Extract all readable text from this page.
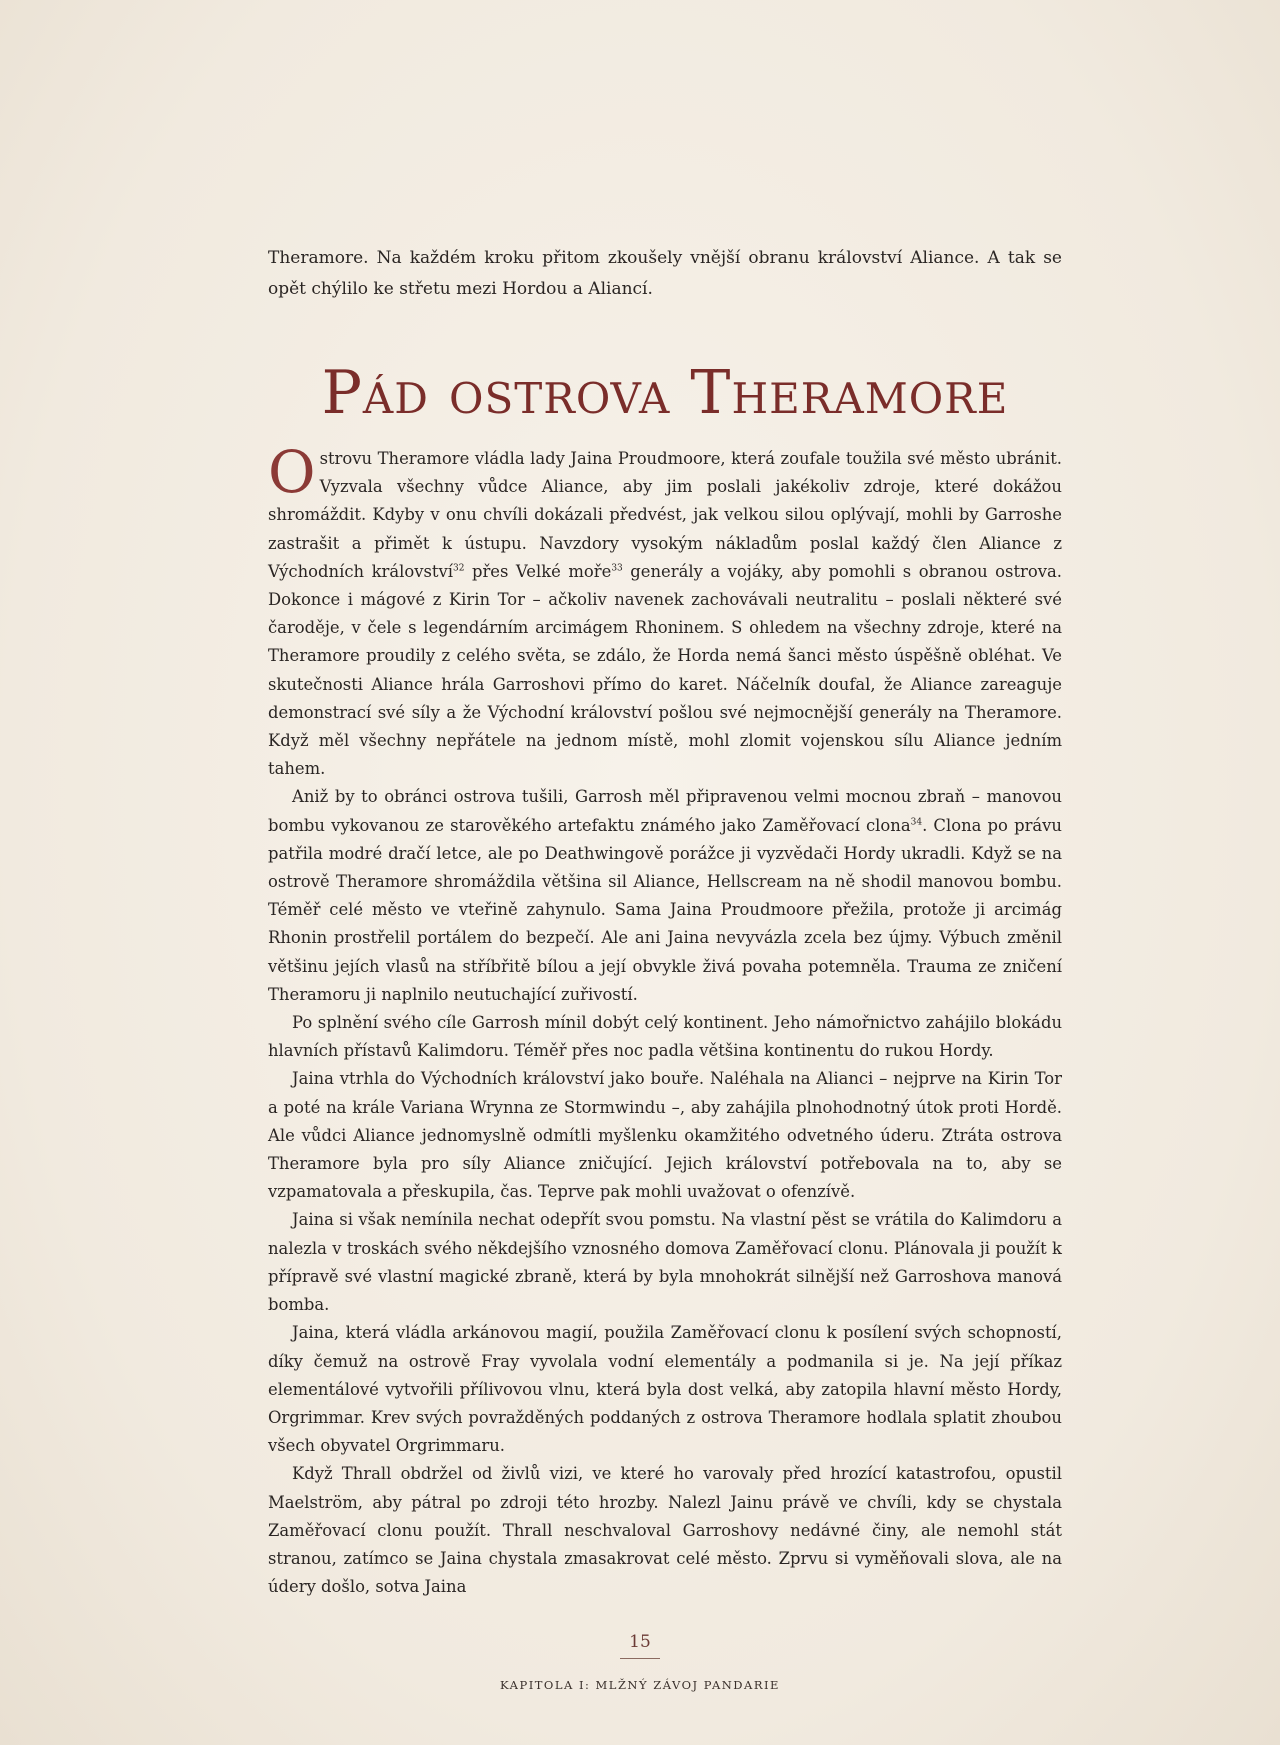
Theramore. Na každém kroku přitom zkoušely vnější obranu království Aliance. A tak se opět chýlilo ke střetu mezi Hordou a Aliancí.

Pád ostrova Theramore

Ostrovu Theramore vládla lady Jaina Proudmoore, která zoufale toužila své město ubránit. Vyzvala všechny vůdce Aliance, aby jim poslali jakékoliv zdroje, které dokážou shromáždit. Kdyby v onu chvíli dokázali předvést, jak velkou silou oplývají, mohli by Garroshe zastrašit a přimět k ústupu. Navzdory vysokým nákladům poslal každý člen Aliance z Východních království$^{32}$ přes Velké moře$^{33}$ generály a vojáky, aby pomohli s obranou ostrova. Dokonce i mágové z Kirin Tor – ačkoliv navenek zachovávali neutralitu – poslali některé své čaroděje, v čele s legendárním arcimágem Rhoninem. S ohledem na všechny zdroje, které na Theramore proudily z celého světa, se zdálo, že Horda nemá šanci město úspěšně obléhat. Ve skutečnosti Aliance hrála Garroshovi přímo do karet. Náčelník doufal, že Aliance zareaguje demonstrací své síly a že Východní království pošlou své nejmocnější generály na Theramore. Když měl všechny nepřátele na jednom místě, mohl zlomit vojenskou sílu Aliance jedním tahem.

Aniž by to obránci ostrova tušili, Garrosh měl připravenou velmi mocnou zbraň – manovou bombu vykovanou ze starověkého artefaktu známého jako Zaměřovací clona$^{34}$. Clona po právu patřila modré dračí letce, ale po Deathwingově porážce ji vyzvědači Hordy ukradli. Když se na ostrově Theramore shromáždila většina sil Aliance, Hellscream na ně shodil manovou bombu. Téměř celé město ve vteřině zahynulo. Sama Jaina Proudmoore přežila, protože ji arcimág Rhonin prostřelil portálem do bezpečí. Ale ani Jaina nevyvázla zcela bez újmy. Výbuch změnil většinu jejích vlasů na stříbřitě bílou a její obvykle živá povaha potemněla. Trauma ze zničení Theramoru ji naplnilo neutuchající zuřivostí.

Po splnění svého cíle Garrosh mínil dobýt celý kontinent. Jeho námořnictvo zahájilo blokádu hlavních přístavů Kalimdoru. Téměř přes noc padla většina kontinentu do rukou Hordy.

Jaina vtrhla do Východních království jako bouře. Naléhala na Alianci – nejprve na Kirin Tor a poté na krále Variana Wrynna ze Stormwindu –, aby zahájila plnohodnotný útok proti Hordě. Ale vůdci Aliance jednomyslně odmítli myšlenku okamžitého odvetného úderu. Ztráta ostrova Theramore byla pro síly Aliance zničující. Jejich království potřebovala na to, aby se vzpamatovala a přeskupila, čas. Teprve pak mohli uvažovat o ofenzívě.

Jaina si však nemínila nechat odepřít svou pomstu. Na vlastní pěst se vrátila do Kalimdoru a nalezla v troskách svého někdejšího vznosného domova Zaměřovací clonu. Plánovala ji použít k přípravě své vlastní magické zbraně, která by byla mnohokrát silnější než Garroshova manová bomba.

Jaina, která vládla arkánovou magií, použila Zaměřovací clonu k posílení svých schopností, díky čemuž na ostrově Fray vyvolala vodní elementály a podmanila si je. Na její příkaz elementálové vytvořili přílivovou vlnu, která byla dost velká, aby zatopila hlavní město Hordy, Orgrimmar. Krev svých povražděných poddaných z ostrova Theramore hodlala splatit zhoubou všech obyvatel Orgrimmaru.

Když Thrall obdržel od živlů vizi, ve které ho varovaly před hrozící katastrofou, opustil Maelström, aby pátral po zdroji této hrozby. Nalezl Jainu právě ve chvíli, kdy se chystala Zaměřovací clonu použít. Thrall neschvaloval Garroshovy nedávné činy, ale nemohl stát stranou, zatímco se Jaina chystala zmasakrovat celé město. Zprvu si vyměňovali slova, ale na údery došlo, sotva Jaina

15
KAPITOLA I: MLŽNÝ ZÁVOJ PANDARIE
